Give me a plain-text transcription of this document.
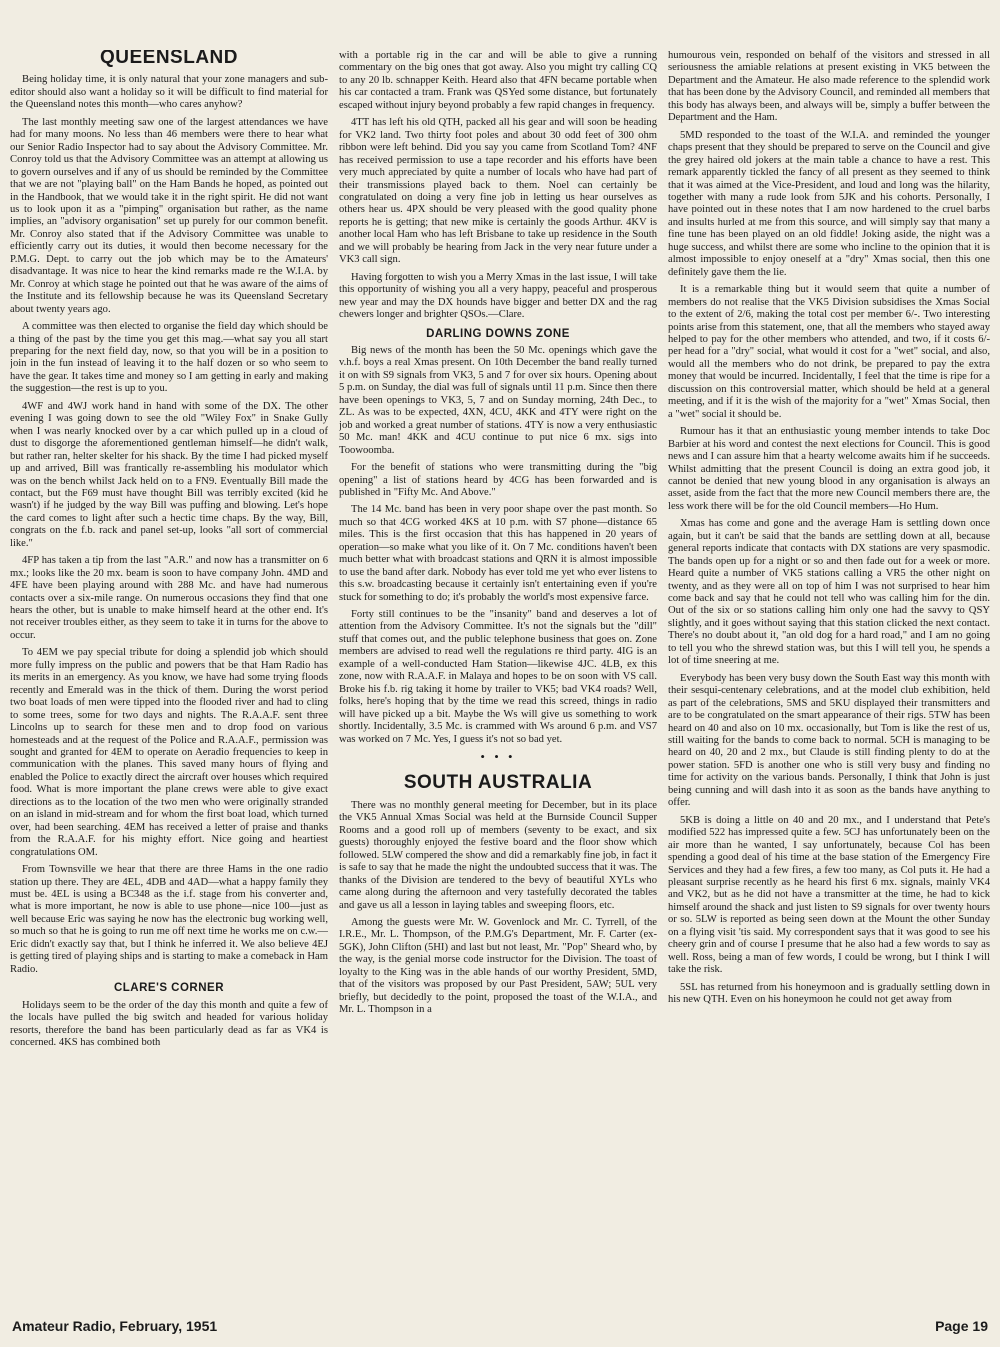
QUEENSLAND

Being holiday time, it is only natural that your zone managers and sub-editor should also want a holiday so it will be difficult to find material for the Queensland notes this month—who cares anyhow?

The last monthly meeting saw one of the largest attendances we have had for many moons. No less than 46 members were there to hear what our Senior Radio Inspector had to say about the Advisory Committee. Mr. Conroy told us that the Advisory Committee was an attempt at allowing us to govern ourselves and if any of us should be reminded by the Committee that we are not "playing ball" on the Ham Bands he hoped, as pointed out in the Handbook, that we would take it in the right spirit. He did not want us to look upon it as a "pimping" organisation but rather, as the name implies, an "advisory organisation" set up purely for our common benefit. Mr. Conroy also stated that if the Advisory Committee was unable to efficiently carry out its duties, it would then become necessary for the P.M.G. Dept. to carry out the job which may be to the Amateurs' disadvantage. It was nice to hear the kind remarks made re the W.I.A. by Mr. Conroy at which stage he pointed out that he was aware of the aims of the Institute and its fellowship because he was its Queensland Secretary about twenty years ago.

A committee was then elected to organise the field day which should be a thing of the past by the time you get this mag.—what say you all start preparing for the next field day, now, so that you will be in a position to join in the fun instead of leaving it to the half dozen or so who seem to have the gear. It takes time and money so I am getting in early and making the suggestion—the rest is up to you.

4WF and 4WJ work hand in hand with some of the DX. The other evening I was going down to see the old "Wiley Fox" in Snake Gully when I was nearly knocked over by a car which pulled up in a cloud of dust to disgorge the aforementioned gentleman himself—he didn't walk, but rather ran, helter skelter for his shack. By the time I had picked myself up and arrived, Bill was frantically re-assembling his modulator which was on the bench whilst Jack held on to a FN9. Eventually Bill made the contact, but the F69 must have thought Bill was terribly excited (kid he wasn't) if he judged by the way Bill was puffing and blowing. Let's hope the card comes to light after such a hectic time chaps. By the way, Bill, congrats on the f.b. rack and panel set-up, looks "all sort of commercial like."

4FP has taken a tip from the last "A.R." and now has a transmitter on 6 mx.; looks like the 20 mx. beam is soon to have company John. 4MD and 4FE have been playing around with 288 Mc. and have had numerous contacts over a six-mile range. On numerous occasions they find that one hears the other, but is unable to make himself heard at the other end. It's not receiver troubles either, as they seem to take it in turns for the above to occur.

To 4EM we pay special tribute for doing a splendid job which should more fully impress on the public and powers that be that Ham Radio has its merits in an emergency. As you know, we have had some trying floods recently and Emerald was in the thick of them. During the worst period two boat loads of men were tipped into the flooded river and had to cling to some trees, some for two days and nights. The R.A.A.F. sent three Lincolns up to search for these men and to drop food on various homesteads and at the request of the Police and R.A.A.F., permission was sought and granted for 4EM to operate on Aeradio frequencies to keep in communication with the planes. This saved many hours of flying and enabled the Police to exactly direct the aircraft over houses which required food. What is more important the plane crews were able to give exact directions as to the location of the two men who were originally stranded on an island in mid-stream and for whom the first boat load, which turned over, had been searching. 4EM has received a letter of praise and thanks from the R.A.A.F. for his mighty effort. Nice going and heartiest congratulations OM.

From Townsville we hear that there are three Hams in the one radio station up there. They are 4EL, 4DB and 4AD—what a happy family they must be. 4EL is using a BC348 as the i.f. stage from his converter and, what is more important, he now is able to use phone—nice 100—just as well because Eric was saying he now has the electronic bug working well, so much so that he is going to run me off next time he works me on c.w.—Eric didn't exactly say that, but I think he inferred it. We also believe 4EJ is getting tired of playing ships and is starting to make a comeback in Ham Radio.

CLARE'S CORNER

Holidays seem to be the order of the day this month and quite a few of the locals have pulled the big switch and headed for various holiday resorts, therefore the band has been particularly dead as far as VK4 is concerned. 4KS has combined both

with a portable rig in the car and will be able to give a running commentary on the big ones that got away. Also you might try calling CQ to any 20 lb. schnapper Keith. Heard also that 4FN became portable when his car contacted a tram. Frank was QSYed some distance, but fortunately escaped without injury beyond probably a few rapid changes in frequency.

4TT has left his old QTH, packed all his gear and will soon be heading for VK2 land. Two thirty foot poles and about 30 odd feet of 300 ohm ribbon were left behind. Did you say you came from Scotland Tom? 4NF has received permission to use a tape recorder and his efforts have been very much appreciated by quite a number of locals who have had part of their transmissions played back to them. Noel can certainly be congratulated on doing a very fine job in letting us hear ourselves as others hear us. 4PX should be very pleased with the good quality phone reports he is getting; that new mike is certainly the goods Arthur. 4KV is another local Ham who has left Brisbane to take up residence in the South and we will probably be hearing from Jack in the very near future under a VK3 call sign.

Having forgotten to wish you a Merry Xmas in the last issue, I will take this opportunity of wishing you all a very happy, peaceful and prosperous new year and may the DX hounds have bigger and better DX and the rag chewers longer and brighter QSOs.—Clare.

DARLING DOWNS ZONE

Big news of the month has been the 50 Mc. openings which gave the v.h.f. boys a real Xmas present. On 10th December the band really turned it on with S9 signals from VK3, 5 and 7 for over six hours. Opening about 5 p.m. on Sunday, the dial was full of signals until 11 p.m. Since then there have been openings to VK3, 5, 7 and on Sunday morning, 24th Dec., to ZL. As was to be expected, 4XN, 4CU, 4KK and 4TY were right on the job and worked a great number of stations. 4TY is now a very enthusiastic 50 Mc. man! 4KK and 4CU continue to put nice 6 mx. sigs into Toowoomba.

For the benefit of stations who were transmitting during the "big opening" a list of stations heard by 4CG has been forwarded and is published in "Fifty Mc. And Above."

The 14 Mc. band has been in very poor shape over the past month. So much so that 4CG worked 4KS at 10 p.m. with S7 phone—distance 65 miles. This is the first occasion that this has happened in 20 years of operation—so make what you like of it. On 7 Mc. conditions haven't been much better what with broadcast stations and QRN it is almost impossible to use the band after dark. Nobody has ever told me yet who ever listens to this s.w. broadcasting because it certainly isn't entertaining even if you're stuck for something to do; it's probably the world's most expensive farce.

Forty still continues to be the "insanity" band and deserves a lot of attention from the Advisory Committee. It's not the signals but the "dill" stuff that comes out, and the public telephone business that goes on. Zone members are advised to read well the regulations re third party. 4IG is an example of a well-conducted Ham Station—likewise 4JC. 4LB, ex this zone, now with R.A.A.F. in Malaya and hopes to be on soon with VS call. Broke his f.b. rig taking it home by trailer to VK5; bad VK4 roads? Well, folks, here's hoping that by the time we read this screed, things in radio will have picked up a bit. Maybe the Ws will give us something to work shortly. Incidentally, 3.5 Mc. is crammed with Ws around 6 p.m. and VS7 was worked on 7 Mc. Yes, I guess it's not so bad yet.

• • •
SOUTH AUSTRALIA

There was no monthly general meeting for December, but in its place the VK5 Annual Xmas Social was held at the Burnside Council Supper Rooms and a good roll up of members (seventy to be exact, and six guests) thoroughly enjoyed the festive board and the floor show which followed. 5LW compered the show and did a remarkably fine job, in fact it is safe to say that he made the night the undoubted success that it was. The thanks of the Division are tendered to the bevy of beautiful XYLs who came along during the afternoon and very tastefully decorated the tables and gave us all a lesson in laying tables and sweeping floors, etc.

Among the guests were Mr. W. Govenlock and Mr. C. Tyrrell, of the I.R.E., Mr. L. Thompson, of the P.M.G's Department, Mr. F. Carter (ex-5GK), John Clifton (5HI) and last but not least, Mr. "Pop" Sheard who, by the way, is the genial morse code instructor for the Division. The toast of loyalty to the King was in the able hands of our worthy President, 5MD, that of the visitors was proposed by our Past President, 5AW; 5UL very briefly, but decidedly to the point, proposed the toast of the W.I.A., and Mr. L. Thompson in a

humourous vein, responded on behalf of the visitors and stressed in all seriousness the amiable relations at present existing in VK5 between the Department and the Amateur. He also made reference to the splendid work that has been done by the Advisory Council, and reminded all members that this body has always been, and always will be, simply a buffer between the Department and the Ham.

5MD responded to the toast of the W.I.A. and reminded the younger chaps present that they should be prepared to serve on the Council and give the grey haired old jokers at the main table a chance to have a rest. This remark apparently tickled the fancy of all present as they seemed to think that it was aimed at the Vice-President, and loud and long was the hilarity, together with many a rude look from 5JK and his cohorts. Personally, I have pointed out in these notes that I am now hardened to the cruel barbs and insults hurled at me from this source, and will simply say that many a fine tune has been played on an old fiddle! Joking aside, the night was a huge success, and whilst there are some who incline to the opinion that it is almost impossible to enjoy oneself at a "dry" Xmas social, then this one definitely gave them the lie.

It is a remarkable thing but it would seem that quite a number of members do not realise that the VK5 Division subsidises the Xmas Social to the extent of 2/6, making the total cost per member 6/-. Two interesting points arise from this statement, one, that all the members who stayed away helped to pay for the other members who attended, and two, if it costs 6/- per head for a "dry" social, what would it cost for a "wet" social, and also, would all the members who do not drink, be prepared to pay the extra money that would be incurred. Incidentally, I feel that the time is ripe for a discussion on this controversial matter, which should be held at a general meeting, and if it is the wish of the majority for a "wet" Xmas Social, then a "wet" social it should be.

Rumour has it that an enthusiastic young member intends to take Doc Barbier at his word and contest the next elections for Council. This is good news and I can assure him that a hearty welcome awaits him if he succeeds. Whilst admitting that the present Council is doing an extra good job, it cannot be denied that new young blood in any organisation is always an asset, aside from the fact that the more new Council members there are, the less work there will be for the old Council members—Ho Hum.

Xmas has come and gone and the average Ham is settling down once again, but it can't be said that the bands are settling down at all, because general reports indicate that contacts with DX stations are very spasmodic. The bands open up for a night or so and then fade out for a week or more. Heard quite a number of VK5 stations calling a VR5 the other night on twenty, and as they were all on top of him I was not surprised to hear him come back and say that he could not tell who was calling him for the din. Out of the six or so stations calling him only one had the savvy to QSY slightly, and it goes without saying that this station clicked the next contact. There's no doubt about it, "an old dog for a hard road," and I am no going to tell you who the shrewd station was, but this I will tell you, he spends a lot of time sneering at me.

Everybody has been very busy down the South East way this month with their sesqui-centenary celebrations, and at the model club exhibition, held as part of the celebrations, 5MS and 5KU displayed their transmitters and are to be congratulated on the smart appearance of their rigs. 5TW has been heard on 40 and also on 10 mx. occasionally, but Tom is like the rest of us, still waiting for the bands to come back to normal. 5CH is managing to be heard on 40, 20 and 2 mx., but Claude is still finding plenty to do at the power station. 5FD is another one who is still very busy and finding no time for activity on the various bands. Personally, I think that John is just being cunning and will dash into it as soon as the bands have anything to offer.

5KB is doing a little on 40 and 20 mx., and I understand that Pete's modified 522 has impressed quite a few. 5CJ has unfortunately been on the air more than he wanted, I say unfortunately, because Col has been spending a good deal of his time at the base station of the Emergency Fire Services and they had a few fires, a few too many, as Col puts it. He had a pleasant surprise recently as he heard his first 6 mx. signals, mainly VK4 and VK2, but as he did not have a transmitter at the time, he had to kick himself around the shack and just listen to S9 signals for over twenty hours or so. 5LW is reported as being seen down at the Mount the other Sunday on a flying visit 'tis said. My correspondent says that it was good to see his cheery grin and of course I presume that he also had a few words to say as well. Ross, being a man of few words, I could be wrong, but I think I will take the risk.

5SL has returned from his honeymoon and is gradually settling down in his new QTH. Even on his honeymoon he could not get away from

Amateur Radio, February, 1951	Page 19
